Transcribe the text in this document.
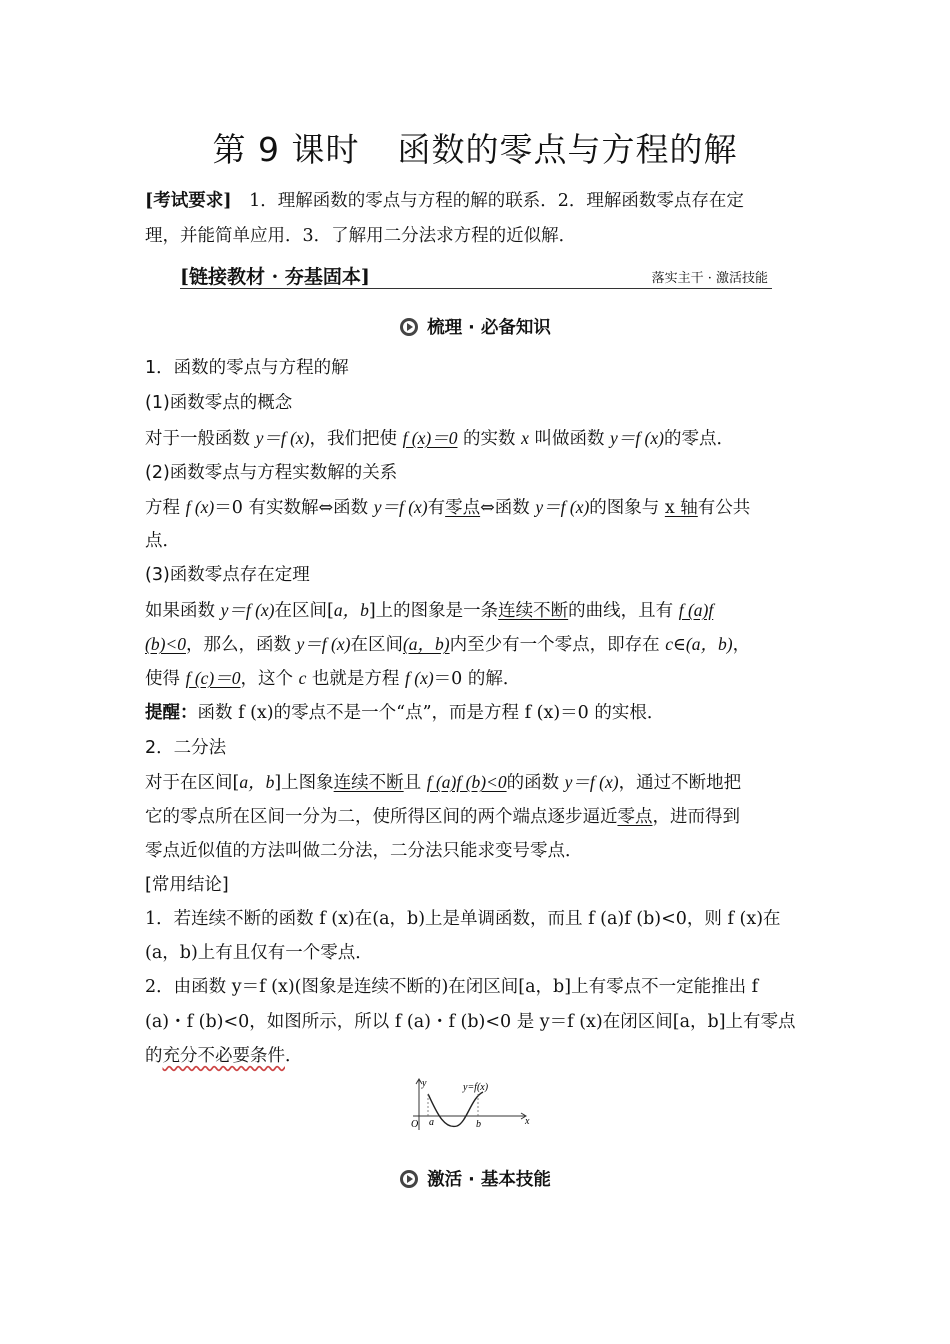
第 9 课时 函数的零点与方程的解
[考试要求]　 1．理解函数的零点与方程的解的联系．2．理解函数零点存在定
理，并能简单应用．3．了解用二分法求方程的近似解．
[链接教材 · 夯基固本]	落实主干 · 激活技能
梳理 · 必备知识
1．函数的零点与方程的解
(1)函数零点的概念
对于一般函数 y＝f (x)，我们把使 f (x)＝0 的实数 x 叫做函数 y＝f (x)的零点．
(2)函数零点与方程实数解的关系
方程 f (x)＝0 有实数解⇔函数 y＝f (x)有零点⇔函数 y＝f (x)的图象与 x 轴有公共
点．
(3)函数零点存在定理
如果函数 y＝f (x)在区间[a，b]上的图象是一条连续不断的曲线，且有 f (a)f
(b)<0，那么，函数 y＝f (x)在区间(a，b)内至少有一个零点，即存在 c∈(a，b)，
使得 f (c)＝0，这个 c 也就是方程 f (x)＝0 的解．
提醒：函数 f (x)的零点不是一个“点”，而是方程 f (x)＝0 的实根．
2．二分法
对于在区间[a，b]上图象连续不断且 f (a)f (b)<0的函数 y＝f (x)，通过不断地把
它的零点所在区间一分为二，使所得区间的两个端点逐步逼近零点，进而得到
零点近似值的方法叫做二分法，二分法只能求变号零点．
[常用结论]
1．若连续不断的函数 f (x)在(a，b)上是单调函数，而且 f (a)f (b)<0，则 f (x)在
(a，b)上有且仅有一个零点．
2．由函数 y＝f (x)(图象是连续不断的)在闭区间[a，b]上有零点不一定能推出 f
(a)・f (b)<0，如图所示，所以 f (a)・f (b)<0 是 y＝f (x)在闭区间[a，b]上有零点
的充分不必要条件．
y
x
O a	b
y=f(x)
激活 · 基本技能
